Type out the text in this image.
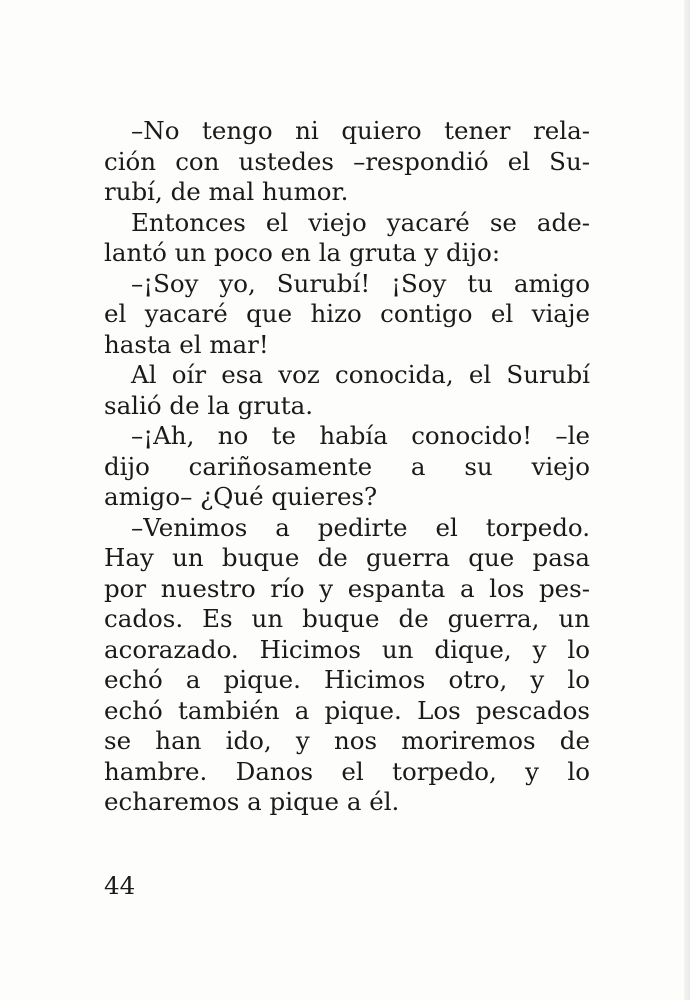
–No tengo ni quiero tener rela-
ción con ustedes –respondió el Su-
rubí, de mal humor.
Entonces el viejo yacaré se ade-
lantó un poco en la gruta y dijo:
–¡Soy yo, Surubí! ¡Soy tu amigo
el yacaré que hizo contigo el viaje
hasta el mar!
Al oír esa voz conocida, el Surubí
salió de la gruta.
–¡Ah, no te había conocido! –le
dijo cariñosamente a su viejo
amigo– ¿Qué quieres?
–Venimos a pedirte el torpedo.
Hay un buque de guerra que pasa
por nuestro río y espanta a los pes-
cados. Es un buque de guerra, un
acorazado. Hicimos un dique, y lo
echó a pique. Hicimos otro, y lo
echó también a pique. Los pescados
se han ido, y nos moriremos de
hambre. Danos el torpedo, y lo
echaremos a pique a él.
44
